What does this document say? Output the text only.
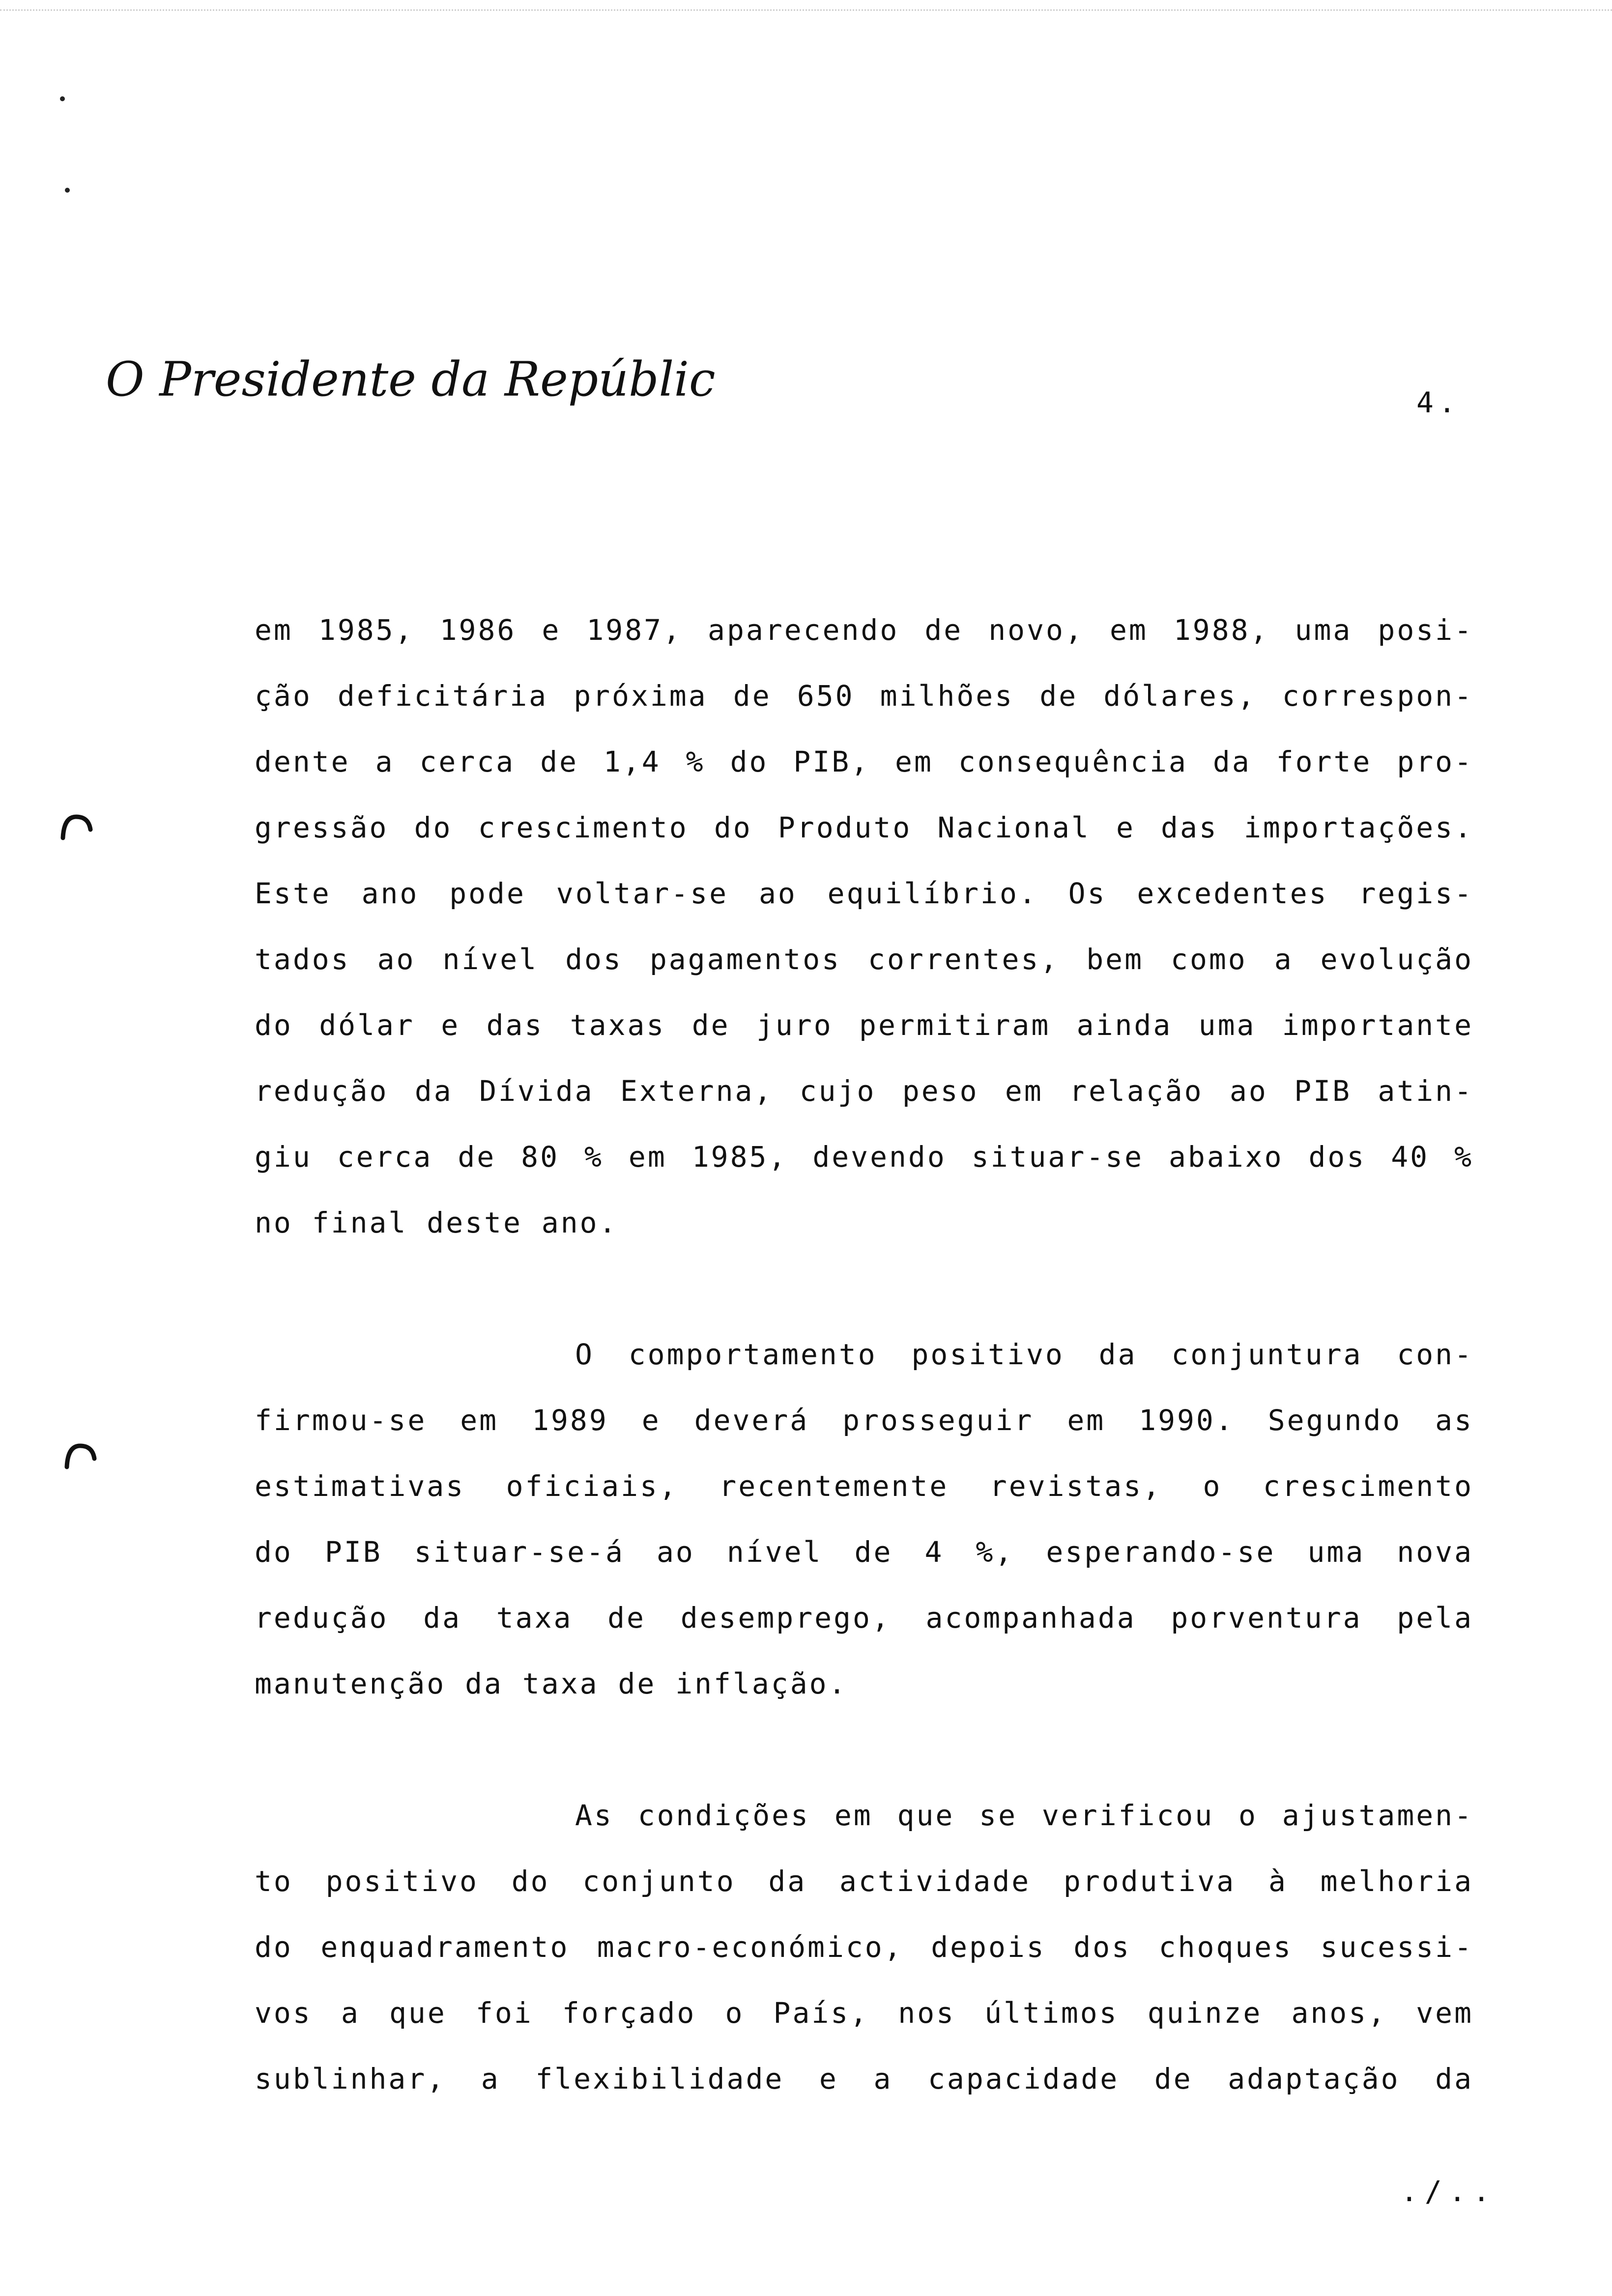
O Presidente da República	4.
em 1985, 1986 e 1987, aparecendo de novo, em 1988, uma posi-
ção deficitária próxima de 650 milhões de dólares, correspon-
dente a cerca de 1,4 % do PIB, em consequência da forte pro-
gressão do crescimento do Produto Nacional e das importações.
Este ano pode voltar-se ao equilíbrio. Os excedentes regis-
tados ao nível dos pagamentos correntes, bem como a evolução
do dólar e das taxas de juro permitiram ainda uma importante
redução da Dívida Externa, cujo peso em relação ao PIB atin-
giu cerca de 80 % em 1985, devendo situar-se abaixo dos 40 %
no final deste ano.
O comportamento positivo da conjuntura con-
firmou-se em 1989 e deverá prosseguir em 1990. Segundo as
estimativas oficiais, recentemente revistas, o crescimento
do PIB situar-se-á ao nível de 4 %, esperando-se uma nova
redução da taxa de desemprego, acompanhada porventura pela
manutenção da taxa de inflação.
As condições em que se verificou o ajustamen-
to positivo do conjunto da actividade produtiva à melhoria
do enquadramento macro-económico, depois dos choques sucessi-
vos a que foi forçado o País, nos últimos quinze anos, vem
sublinhar, a flexibilidade e a capacidade de adaptação da
./..
